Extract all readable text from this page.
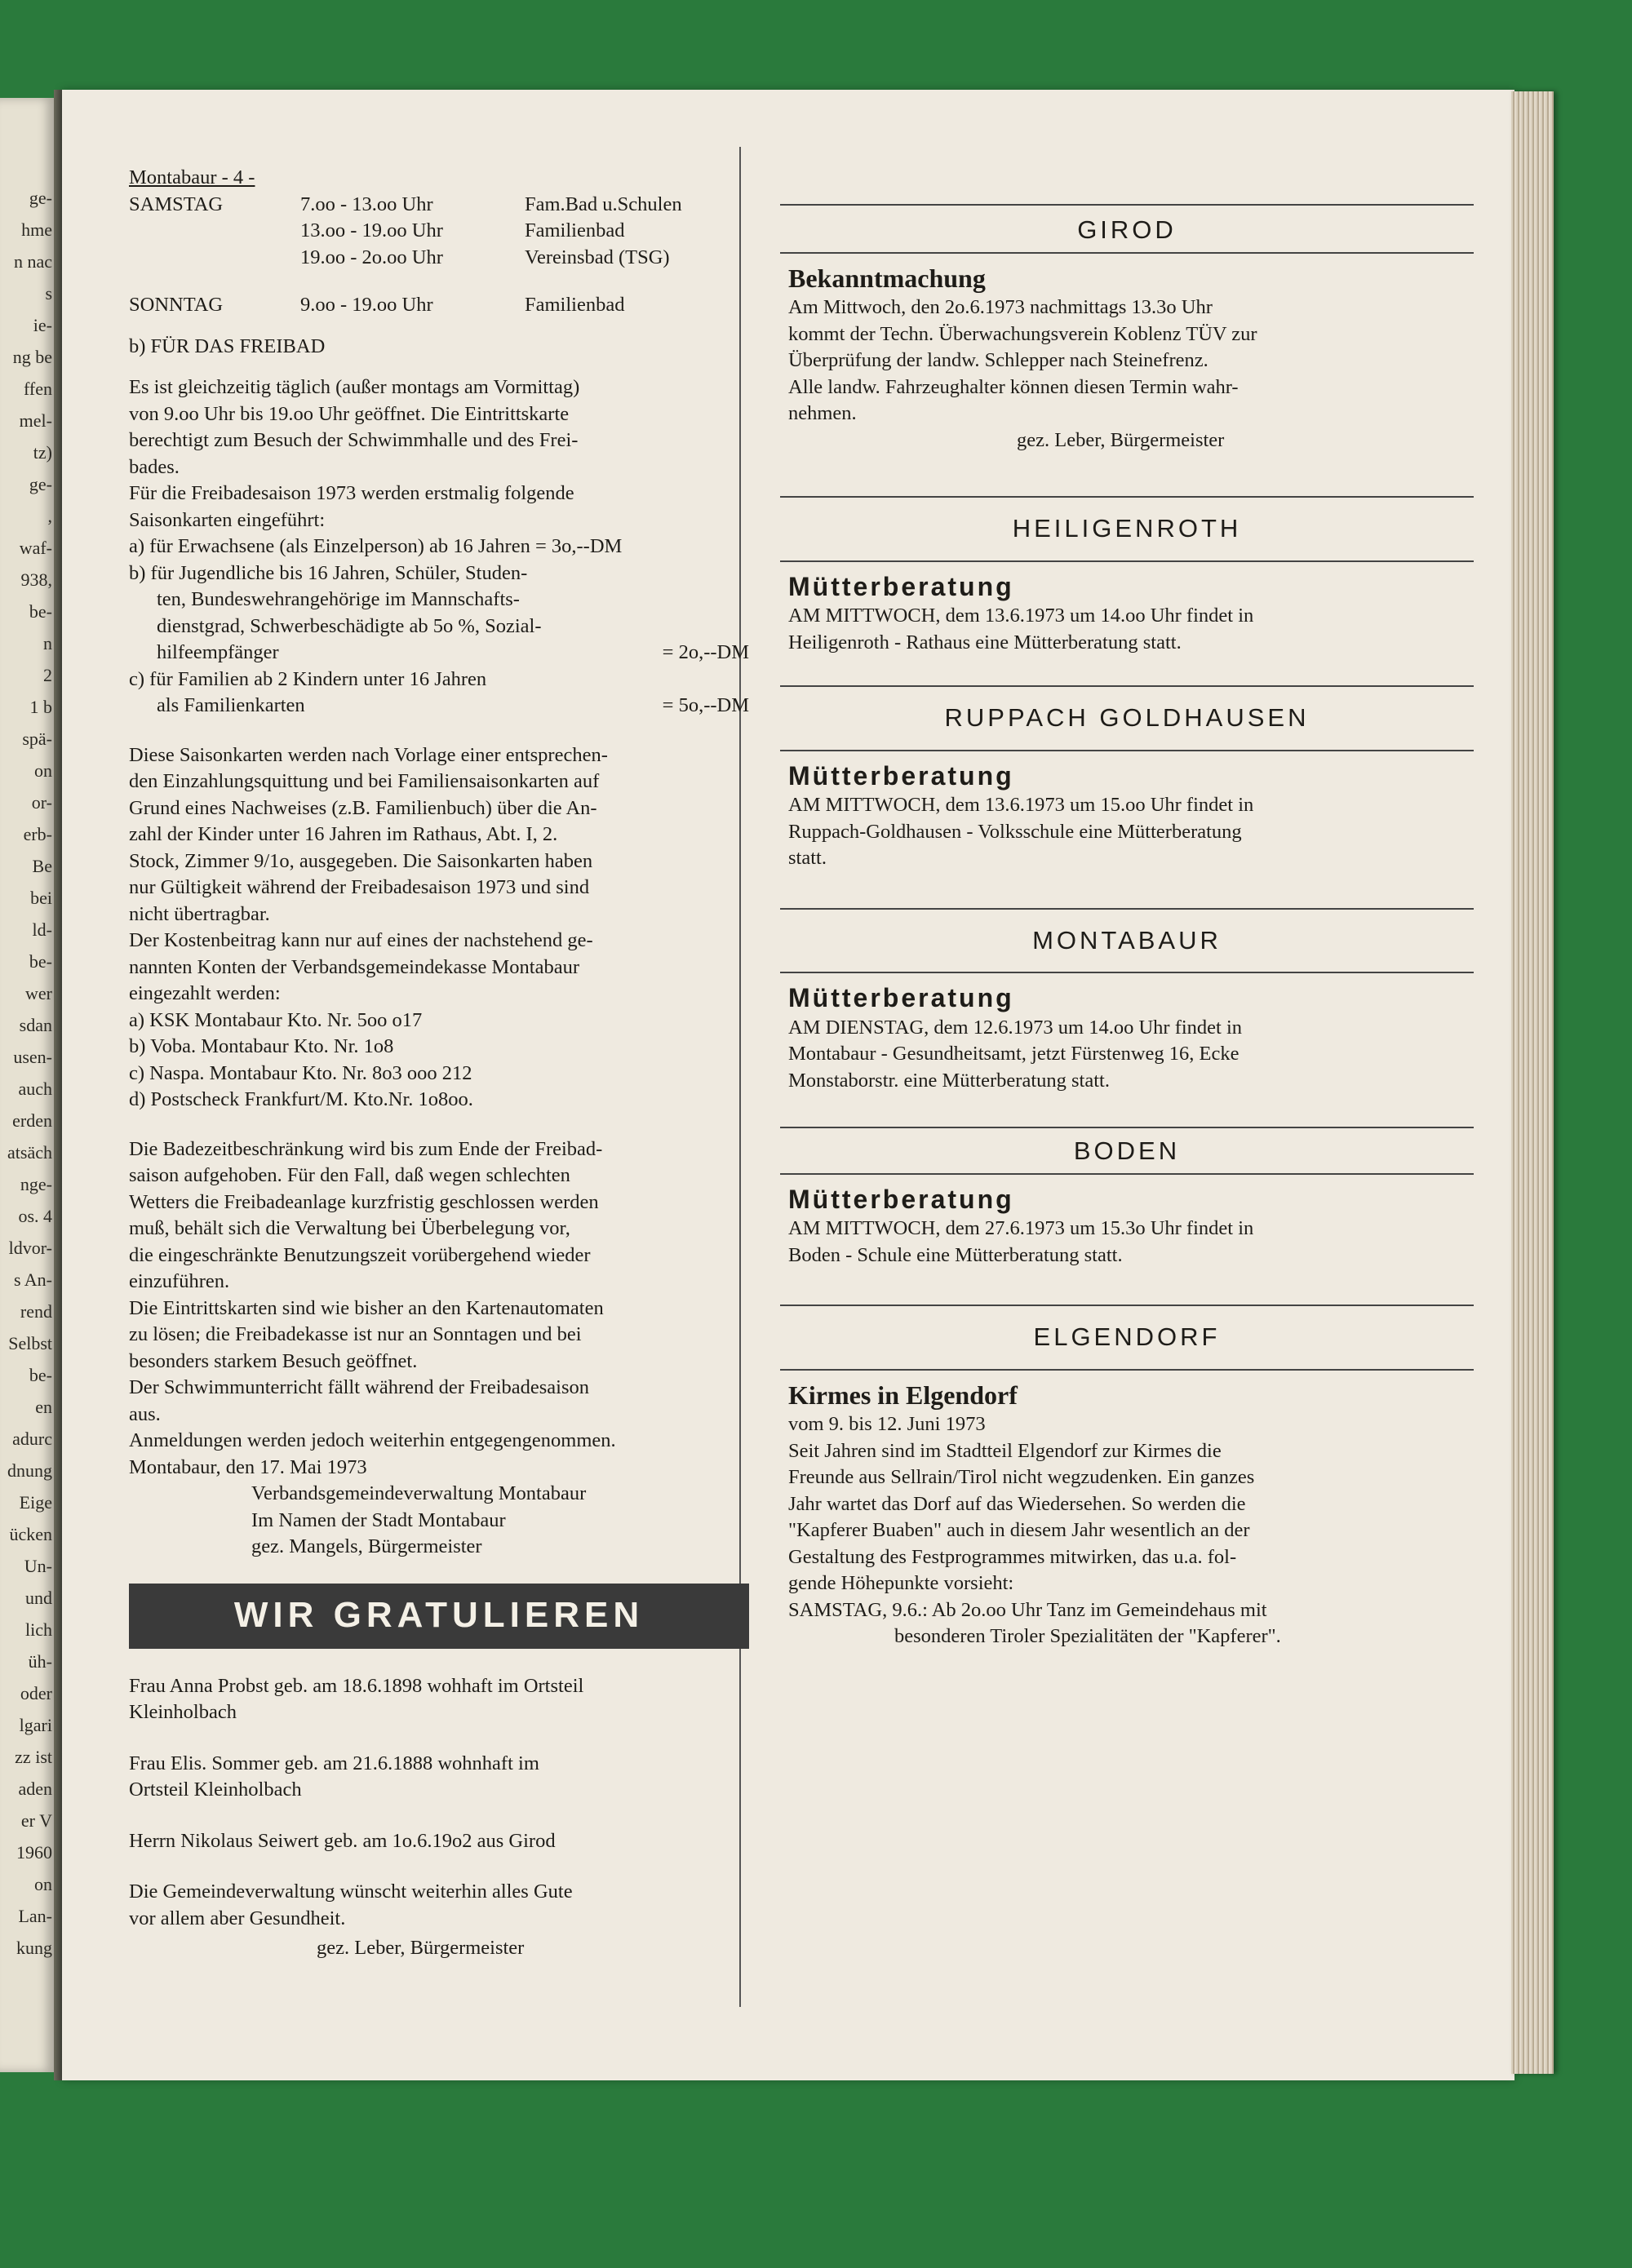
ge-
hme
n nac
s
ie-
ng be
ffen
mel-
tz)
ge-
,
waf-
938,
be-
n
2
1 b
spä-
on
or-
erb-
Be
bei
ld-
be-
wer
sdan
usen-
auch
erden
atsäch
nge-
os. 4
ldvor-
s An-
rend
Selbst
be-
en
adurc
dnung
Eige
ücken
Un-
und
lich
üh-
oder
lgari
zz ist
aden
er V
1960
on
Lan-
kung
Montabaur - 4 -
SAMSTAG	7.oo - 13.oo Uhr	Fam.Bad u.Schulen
13.oo - 19.oo Uhr	Familienbad
19.oo - 2o.oo Uhr	Vereinsbad (TSG)
SONNTAG	9.oo - 19.oo Uhr	Familienbad
b) FÜR DAS FREIBAD
Es ist gleichzeitig täglich (außer montags am Vormittag)
von 9.oo Uhr bis 19.oo Uhr geöffnet. Die Eintrittskarte
berechtigt zum Besuch der Schwimmhalle und des Frei-
bades.
Für die Freibadesaison 1973 werden erstmalig folgende
Saisonkarten eingeführt:
a) für Erwachsene (als Einzelperson) ab 16 Jahren = 3o,--DM
b) für Jugendliche bis 16 Jahren, Schüler, Studen-
ten, Bundeswehrangehörige im Mannschafts-
dienstgrad, Schwerbeschädigte ab 5o %, Sozial-
hilfeempfänger	= 2o,--DM
c) für Familien ab 2 Kindern unter 16 Jahren
als Familienkarten	= 5o,--DM
Diese Saisonkarten werden nach Vorlage einer entsprechen-
den Einzahlungsquittung und bei Familiensaisonkarten auf
Grund eines Nachweises (z.B. Familienbuch) über die An-
zahl der Kinder unter 16 Jahren im Rathaus, Abt. I, 2.
Stock, Zimmer 9/1o, ausgegeben. Die Saisonkarten haben
nur Gültigkeit während der Freibadesaison 1973 und sind
nicht übertragbar.
Der Kostenbeitrag kann nur auf eines der nachstehend ge-
nannten Konten der Verbandsgemeindekasse Montabaur
eingezahlt werden:
a) KSK Montabaur Kto. Nr. 5oo o17
b) Voba. Montabaur Kto. Nr. 1o8
c) Naspa. Montabaur Kto. Nr. 8o3 ooo 212
d) Postscheck Frankfurt/M. Kto.Nr. 1o8oo.
Die Badezeitbeschränkung wird bis zum Ende der Freibad-
saison aufgehoben. Für den Fall, daß wegen schlechten
Wetters die Freibadeanlage kurzfristig geschlossen werden
muß, behält sich die Verwaltung bei Überbelegung vor,
die eingeschränkte Benutzungszeit vorübergehend wieder
einzuführen.
Die Eintrittskarten sind wie bisher an den Kartenautomaten
zu lösen; die Freibadekasse ist nur an Sonntagen und bei
besonders starkem Besuch geöffnet.
Der Schwimmunterricht fällt während der Freibadesaison
aus.
Anmeldungen werden jedoch weiterhin entgegengenommen.
Montabaur, den 17. Mai 1973
Verbandsgemeindeverwaltung Montabaur
Im Namen der Stadt Montabaur
gez. Mangels, Bürgermeister
WIR GRATULIEREN
Frau Anna Probst geb. am 18.6.1898 wohhaft im Ortsteil
Kleinholbach
Frau Elis. Sommer geb. am 21.6.1888 wohnhaft im
Ortsteil Kleinholbach
Herrn Nikolaus Seiwert geb. am 1o.6.19o2 aus Girod
Die Gemeindeverwaltung wünscht weiterhin alles Gute
vor allem aber Gesundheit.
gez. Leber, Bürgermeister
GIROD
Bekanntmachung
Am Mittwoch, den 2o.6.1973 nachmittags 13.3o Uhr
kommt der Techn. Überwachungsverein Koblenz TÜV zur
Überprüfung der landw. Schlepper nach Steinefrenz.
Alle landw. Fahrzeughalter können diesen Termin wahr-
nehmen.
gez. Leber, Bürgermeister
HEILIGENROTH
Mütterberatung
AM MITTWOCH, dem 13.6.1973 um 14.oo Uhr findet in
Heiligenroth - Rathaus eine Mütterberatung statt.
RUPPACH GOLDHAUSEN
Mütterberatung
AM MITTWOCH, dem 13.6.1973 um 15.oo Uhr findet in
Ruppach-Goldhausen - Volksschule eine Mütterberatung
statt.
MONTABAUR
Mütterberatung
AM DIENSTAG, dem 12.6.1973 um 14.oo Uhr findet in
Montabaur - Gesundheitsamt, jetzt Fürstenweg 16, Ecke
Monstaborstr. eine Mütterberatung statt.
BODEN
Mütterberatung
AM MITTWOCH, dem 27.6.1973 um 15.3o Uhr findet in
Boden - Schule eine Mütterberatung statt.
ELGENDORF
Kirmes in Elgendorf
vom 9. bis 12. Juni 1973
Seit Jahren sind im Stadtteil Elgendorf zur Kirmes die
Freunde aus Sellrain/Tirol nicht wegzudenken. Ein ganzes
Jahr wartet das Dorf auf das Wiedersehen. So werden die
"Kapferer Buaben" auch in diesem Jahr wesentlich an der
Gestaltung des Festprogrammes mitwirken, das u.a. fol-
gende Höhepunkte vorsieht:
SAMSTAG, 9.6.: Ab 2o.oo Uhr Tanz im Gemeindehaus mit
besonderen Tiroler Spezialitäten der "Kapferer".
